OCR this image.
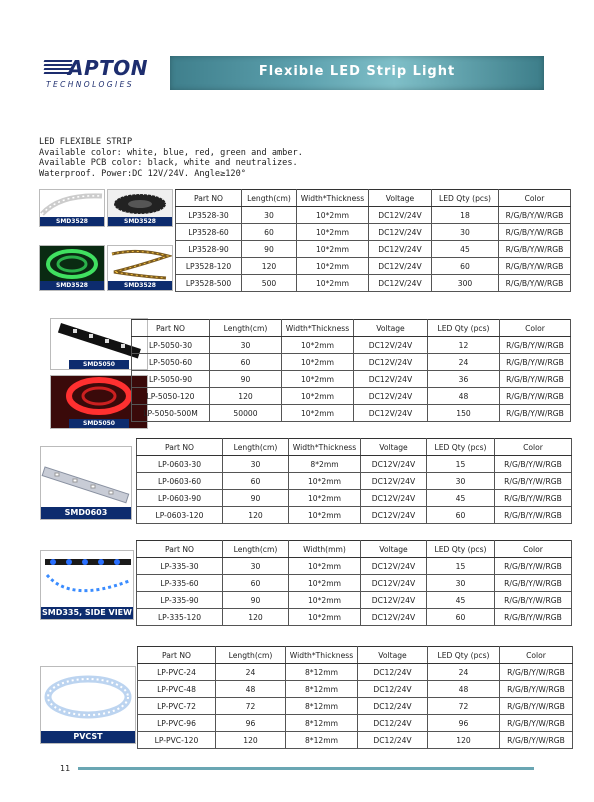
APTON
TECHNOLOGIES
Flexible LED Strip Light
LED FLEXIBLE STRIP
Available color: white, blue, red, green and amber.
Available PCB color: black, white and neutralizes.
Waterproof. Power:DC 12V/24V. Angle≥120°
SMD3528	SMD3528
SMD3528	SMD3528
Part NO	Length(cm)	Width*Thickness	Voltage	LED Qty (pcs)	Color
LP3528-30	30	10*2mm	DC12V/24V	18	R/G/B/Y/W/RGB
LP3528-60	60	10*2mm	DC12V/24V	30	R/G/B/Y/W/RGB
LP3528-90	90	10*2mm	DC12V/24V	45	R/G/B/Y/W/RGB
LP3528-120	120	10*2mm	DC12V/24V	60	R/G/B/Y/W/RGB
LP3528-500	500	10*2mm	DC12V/24V	300	R/G/B/Y/W/RGB
SMD5050
SMD5050
Part NO	Length(cm)	Width*Thickness	Voltage	LED Qty (pcs)	Color
LP-5050-30	30	10*2mm	DC12V/24V	12	R/G/B/Y/W/RGB
LP-5050-60	60	10*2mm	DC12V/24V	24	R/G/B/Y/W/RGB
LP-5050-90	90	10*2mm	DC12V/24V	36	R/G/B/Y/W/RGB
LP-5050-120	120	10*2mm	DC12V/24V	48	R/G/B/Y/W/RGB
LP-5050-500M	50000	10*2mm	DC12V/24V	150	R/G/B/Y/W/RGB
SMD0603
Part NO	Length(cm)	Width*Thickness	Voltage	LED Qty (pcs)	Color
LP-0603-30	30	8*2mm	DC12V/24V	15	R/G/B/Y/W/RGB
LP-0603-60	60	10*2mm	DC12V/24V	30	R/G/B/Y/W/RGB
LP-0603-90	90	10*2mm	DC12V/24V	45	R/G/B/Y/W/RGB
LP-0603-120	120	10*2mm	DC12V/24V	60	R/G/B/Y/W/RGB
SMD335, SIDE VIEW
Part NO	Length(cm)	Width(mm)	Voltage	LED Qty (pcs)	Color
LP-335-30	30	10*2mm	DC12V/24V	15	R/G/B/Y/W/RGB
LP-335-60	60	10*2mm	DC12V/24V	30	R/G/B/Y/W/RGB
LP-335-90	90	10*2mm	DC12V/24V	45	R/G/B/Y/W/RGB
LP-335-120	120	10*2mm	DC12V/24V	60	R/G/B/Y/W/RGB
PVCST
Part NO	Length(cm)	Width*Thickness	Voltage	LED Qty (pcs)	Color
LP-PVC-24	24	8*12mm	DC12/24V	24	R/G/B/Y/W/RGB
LP-PVC-48	48	8*12mm	DC12/24V	48	R/G/B/Y/W/RGB
LP-PVC-72	72	8*12mm	DC12/24V	72	R/G/B/Y/W/RGB
LP-PVC-96	96	8*12mm	DC12/24V	96	R/G/B/Y/W/RGB
LP-PVC-120	120	8*12mm	DC12/24V	120	R/G/B/Y/W/RGB
11
